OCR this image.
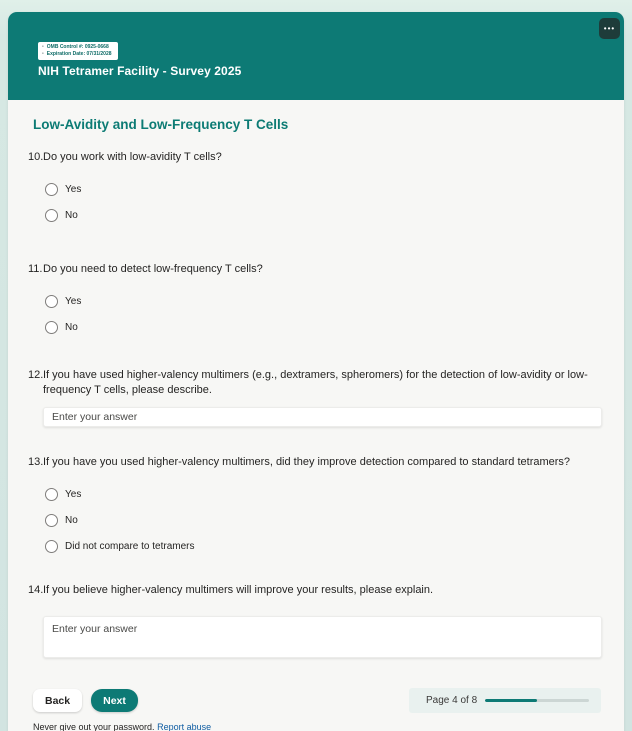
•••
• OMB Control #: 0925-0668
• Expiration Date: 07/31/2028
NIH Tetramer Facility - Survey 2025
Low-Avidity and Low-Frequency T Cells
10. Do you work with low-avidity T cells?
Yes
No
11. Do you need to detect low-frequency T cells?
Yes
No
12. If you have used higher-valency multimers (e.g., dextramers, spheromers) for the detection of low-avidity or low-frequency T cells, please describe.
Enter your answer
13. If you have you used higher-valency multimers, did they improve detection compared to standard tetramers?
Yes
No
Did not compare to tetramers
14. If you believe higher-valency multimers will improve your results, please explain.
Enter your answer
Back	Next	Page 4 of 8
Never give out your password. Report abuse
